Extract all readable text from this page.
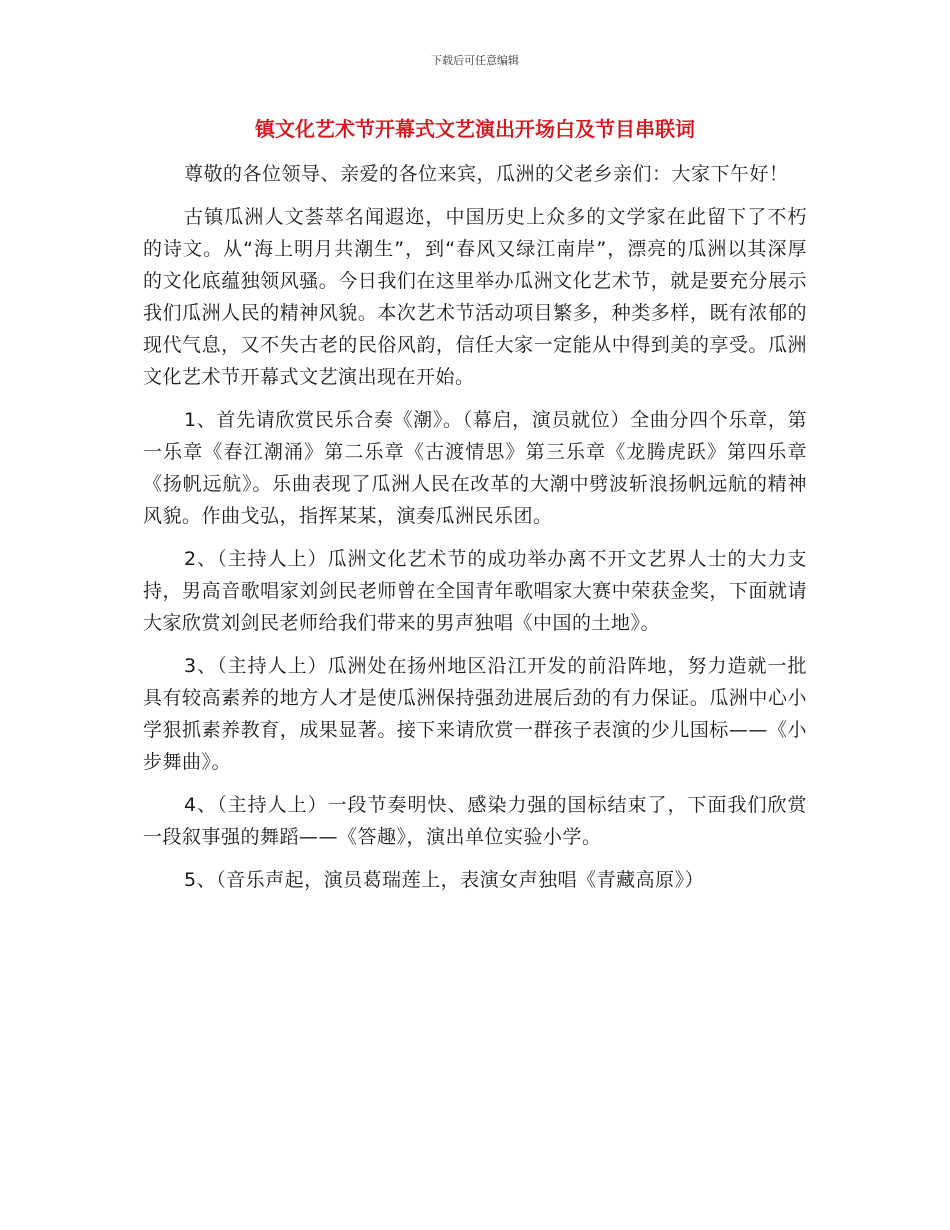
下载后可任意编辑
镇文化艺术节开幕式文艺演出开场白及节目串联词

尊敬的各位领导、亲爱的各位来宾，瓜洲的父老乡亲们：大家下午好！

古镇瓜洲人文荟萃名闻遐迩，中国历史上众多的文学家在此留下了不朽的诗文。从“海上明月共潮生”，到“春风又绿江南岸”，漂亮的瓜洲以其深厚的文化底蕴独领风骚。今日我们在这里举办瓜洲文化艺术节，就是要充分展示我们瓜洲人民的精神风貌。本次艺术节活动项目繁多，种类多样，既有浓郁的现代气息，又不失古老的民俗风韵，信任大家一定能从中得到美的享受。瓜洲文化艺术节开幕式文艺演出现在开始。

1、首先请欣赏民乐合奏《潮》。（幕启，演员就位）全曲分四个乐章，第一乐章《春江潮涌》第二乐章《古渡情思》第三乐章《龙腾虎跃》第四乐章《扬帆远航》。乐曲表现了瓜洲人民在改革的大潮中劈波斩浪扬帆远航的精神风貌。作曲戈弘，指挥某某，演奏瓜洲民乐团。

2、（主持人上）瓜洲文化艺术节的成功举办离不开文艺界人士的大力支持，男高音歌唱家刘剑民老师曾在全国青年歌唱家大赛中荣获金奖，下面就请大家欣赏刘剑民老师给我们带来的男声独唱《中国的土地》。

3、（主持人上）瓜洲处在扬州地区沿江开发的前沿阵地，努力造就一批具有较高素养的地方人才是使瓜洲保持强劲进展后劲的有力保证。瓜洲中心小学狠抓素养教育，成果显著。接下来请欣赏一群孩子表演的少儿国标——《小步舞曲》。

4、（主持人上）一段节奏明快、感染力强的国标结束了，下面我们欣赏一段叙事强的舞蹈——《答趣》，演出单位实验小学。

5、（音乐声起，演员葛瑞莲上，表演女声独唱《青藏高原》）
